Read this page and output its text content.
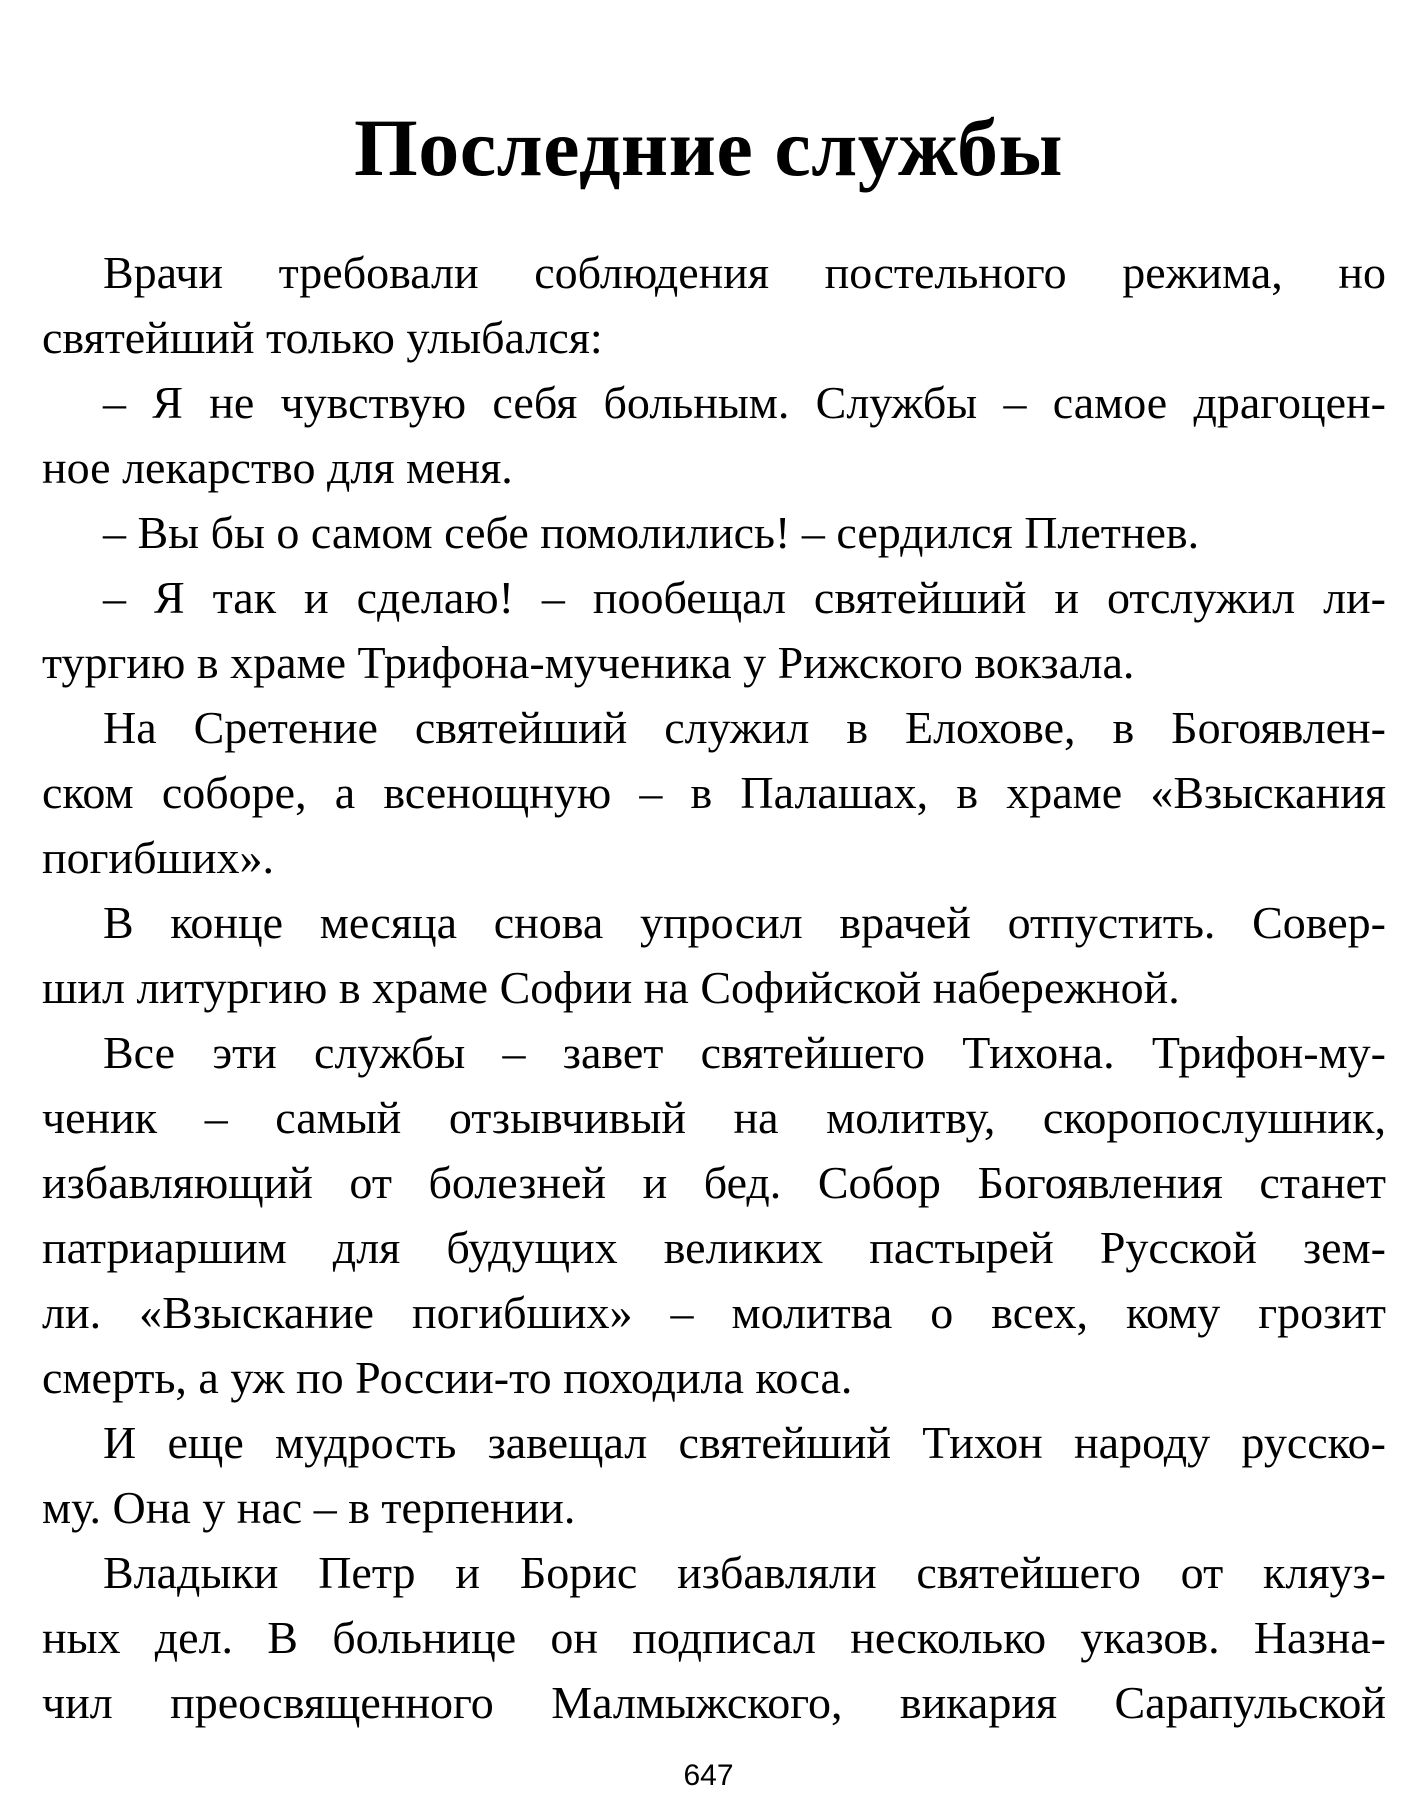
Последние службы

Врачи требовали соблюдения постельного режима, но
святейший только улыбался:

– Я не чувствую себя больным. Службы – самое драгоцен-
ное лекарство для меня.

– Вы бы о самом себе помолились! – сердился Плетнев.

– Я так и сделаю! – пообещал святейший и отслужил ли-
тургию в храме Трифона-мученика у Рижского вокзала.

На Сретение святейший служил в Елохове, в Богоявлен-
ском соборе, а всенощную – в Палашах, в храме «Взыскания
погибших».

В конце месяца снова упросил врачей отпустить. Совер-
шил литургию в храме Софии на Софийской набережной.

Все эти службы – завет святейшего Тихона. Трифон-му-
ченик – самый отзывчивый на молитву, скоропослушник,
избавляющий от болезней и бед. Собор Богоявления станет
патриаршим для будущих великих пастырей Русской зем-
ли. «Взыскание погибших» – молитва о всех, кому грозит
смерть, а уж по России-то походила коса.

И еще мудрость завещал святейший Тихон народу русско-
му. Она у нас – в терпении.

Владыки Петр и Борис избавляли святейшего от кляуз-
ных дел. В больнице он подписал несколько указов. Назна-
чил преосвященного Малмыжского, викария Сарапульской

647
